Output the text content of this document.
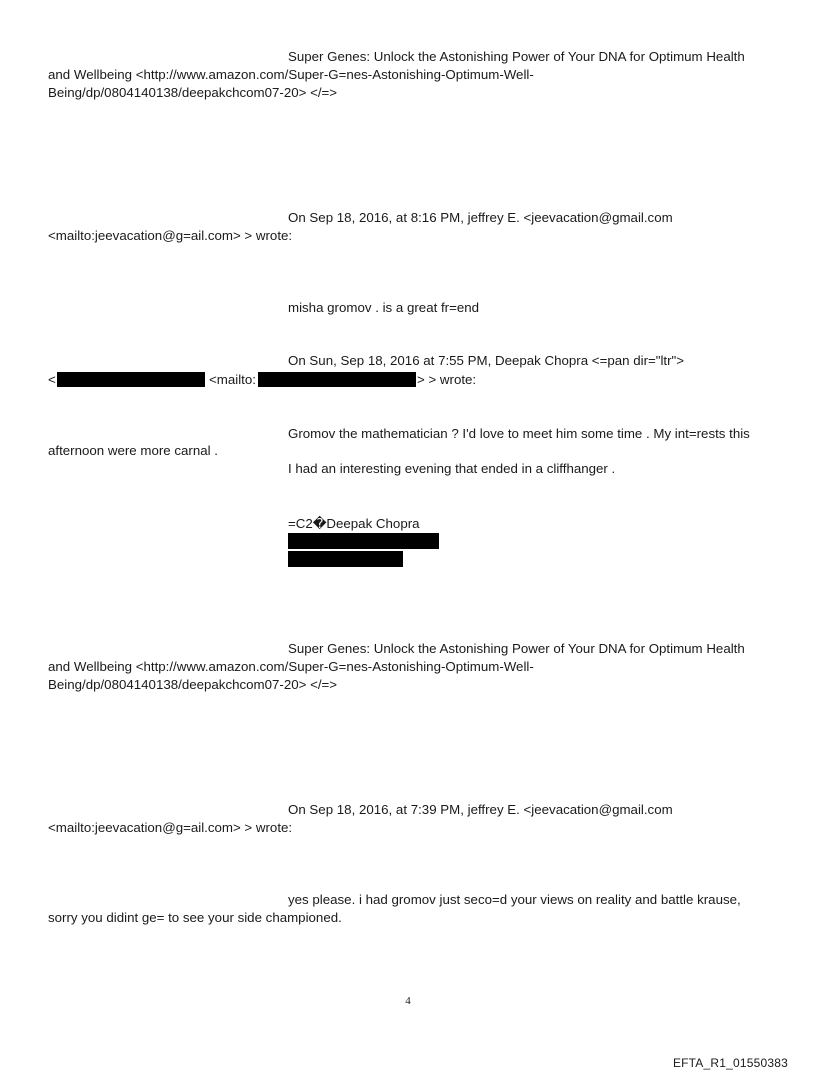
Super Genes: Unlock the Astonishing Power of Your DNA for Optimum Health
and Wellbeing <http://www.amazon.com/Super-G=nes-Astonishing-Optimum-Well-
Being/dp/0804140138/deepakchcom07-20> </=>
On Sep 18, 2016, at 8:16 PM, jeffrey E. <jeevacation@gmail.com
<mailto:jeevacation@g=ail.com> > wrote:
misha gromov . is a great fr=end
On Sun, Sep 18, 2016 at 7:55 PM, Deepak Chopra <=pan dir="ltr">
<	<mailto:	> > wrote:
Gromov the mathematician ? I'd love to meet him some time . My int=rests this
afternoon were more carnal .
I had an interesting evening that ended in a cliffhanger .
=C2�Deepak Chopra
Super Genes: Unlock the Astonishing Power of Your DNA for Optimum Health
and Wellbeing <http://www.amazon.com/Super-G=nes-Astonishing-Optimum-Well-
Being/dp/0804140138/deepakchcom07-20> </=>
On Sep 18, 2016, at 7:39 PM, jeffrey E. <jeevacation@gmail.com
<mailto:jeevacation@g=ail.com> > wrote:
yes please. i had gromov just seco=d your views on reality and battle krause,
sorry you didint ge= to see your side championed.
4
EFTA_R1_01550383
